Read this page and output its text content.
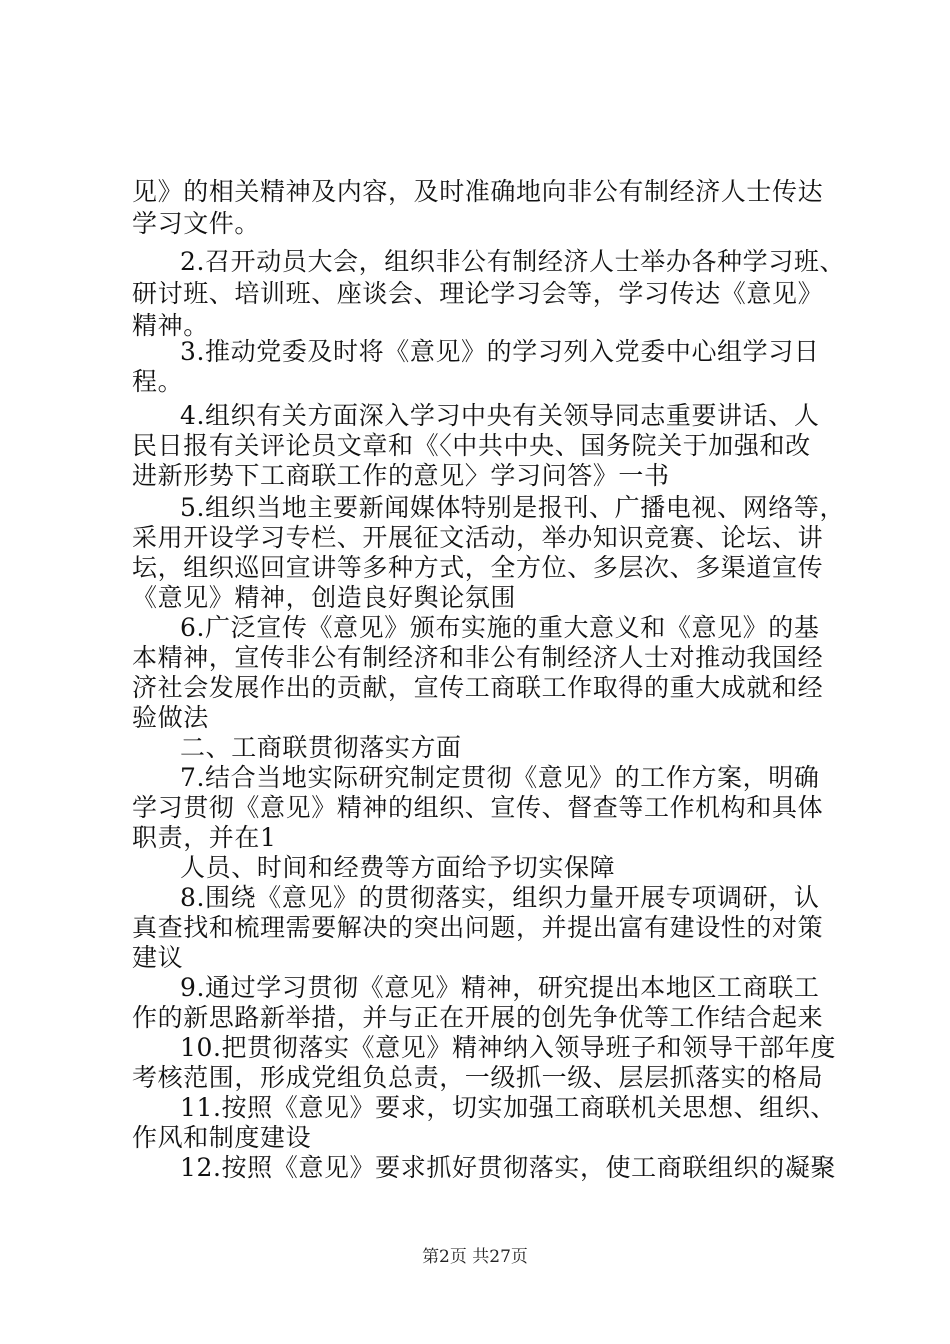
见》的相关精神及内容，及时准确地向非公有制经济人士传达
学习文件。
2.召开动员大会，组织非公有制经济人士举办各种学习班、
研讨班、培训班、座谈会、理论学习会等，学习传达《意见》
精神。
3.推动党委及时将《意见》的学习列入党委中心组学习日
程。
4.组织有关方面深入学习中央有关领导同志重要讲话、人
民日报有关评论员文章和《〈中共中央、国务院关于加强和改
进新形势下工商联工作的意见〉学习问答》一书
5.组织当地主要新闻媒体特别是报刊、广播电视、网络等，
采用开设学习专栏、开展征文活动，举办知识竞赛、论坛、讲
坛，组织巡回宣讲等多种方式，全方位、多层次、多渠道宣传
《意见》精神，创造良好舆论氛围
6.广泛宣传《意见》颁布实施的重大意义和《意见》的基
本精神，宣传非公有制经济和非公有制经济人士对推动我国经
济社会发展作出的贡献，宣传工商联工作取得的重大成就和经
验做法
二、工商联贯彻落实方面
7.结合当地实际研究制定贯彻《意见》的工作方案，明确
学习贯彻《意见》精神的组织、宣传、督查等工作机构和具体
职责，并在1
人员、时间和经费等方面给予切实保障
8.围绕《意见》的贯彻落实，组织力量开展专项调研，认
真查找和梳理需要解决的突出问题，并提出富有建设性的对策
建议
9.通过学习贯彻《意见》精神，研究提出本地区工商联工
作的新思路新举措，并与正在开展的创先争优等工作结合起来
10.把贯彻落实《意见》精神纳入领导班子和领导干部年度
考核范围，形成党组负总责，一级抓一级、层层抓落实的格局
11.按照《意见》要求，切实加强工商联机关思想、组织、
作风和制度建设
12.按照《意见》要求抓好贯彻落实，使工商联组织的凝聚
第2页 共27页
